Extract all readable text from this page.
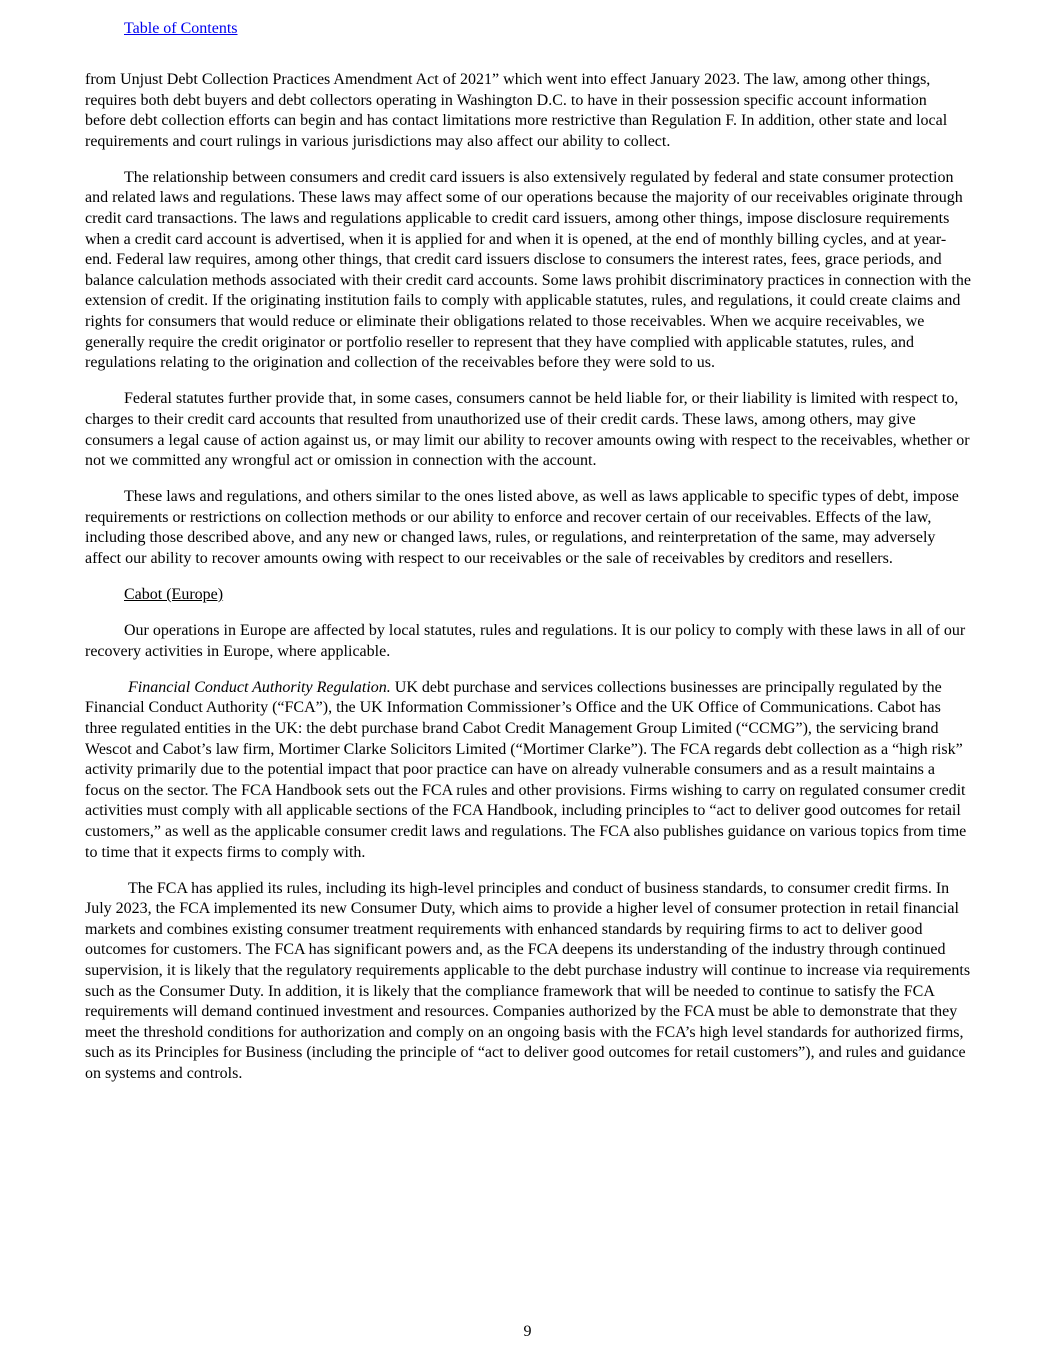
Table of Contents

from Unjust Debt Collection Practices Amendment Act of 2021” which went into effect January 2023. The law, among other things, requires both debt buyers and debt collectors operating in Washington D.C. to have in their possession specific account information before debt collection efforts can begin and has contact limitations more restrictive than Regulation F. In addition, other state and local requirements and court rulings in various jurisdictions may also affect our ability to collect.

The relationship between consumers and credit card issuers is also extensively regulated by federal and state consumer protection and related laws and regulations. These laws may affect some of our operations because the majority of our receivables originate through credit card transactions. The laws and regulations applicable to credit card issuers, among other things, impose disclosure requirements when a credit card account is advertised, when it is applied for and when it is opened, at the end of monthly billing cycles, and at year-end. Federal law requires, among other things, that credit card issuers disclose to consumers the interest rates, fees, grace periods, and balance calculation methods associated with their credit card accounts. Some laws prohibit discriminatory practices in connection with the extension of credit. If the originating institution fails to comply with applicable statutes, rules, and regulations, it could create claims and rights for consumers that would reduce or eliminate their obligations related to those receivables. When we acquire receivables, we generally require the credit originator or portfolio reseller to represent that they have complied with applicable statutes, rules, and regulations relating to the origination and collection of the receivables before they were sold to us.

Federal statutes further provide that, in some cases, consumers cannot be held liable for, or their liability is limited with respect to, charges to their credit card accounts that resulted from unauthorized use of their credit cards. These laws, among others, may give consumers a legal cause of action against us, or may limit our ability to recover amounts owing with respect to the receivables, whether or not we committed any wrongful act or omission in connection with the account.

These laws and regulations, and others similar to the ones listed above, as well as laws applicable to specific types of debt, impose requirements or restrictions on collection methods or our ability to enforce and recover certain of our receivables. Effects of the law, including those described above, and any new or changed laws, rules, or regulations, and reinterpretation of the same, may adversely affect our ability to recover amounts owing with respect to our receivables or the sale of receivables by creditors and resellers.

Cabot (Europe)

Our operations in Europe are affected by local statutes, rules and regulations. It is our policy to comply with these laws in all of our recovery activities in Europe, where applicable.

Financial Conduct Authority Regulation. UK debt purchase and services collections businesses are principally regulated by the Financial Conduct Authority (“FCA”), the UK Information Commissioner’s Office and the UK Office of Communications. Cabot has three regulated entities in the UK: the debt purchase brand Cabot Credit Management Group Limited (“CCMG”), the servicing brand Wescot and Cabot’s law firm, Mortimer Clarke Solicitors Limited (“Mortimer Clarke”). The FCA regards debt collection as a “high risk” activity primarily due to the potential impact that poor practice can have on already vulnerable consumers and as a result maintains a focus on the sector. The FCA Handbook sets out the FCA rules and other provisions. Firms wishing to carry on regulated consumer credit activities must comply with all applicable sections of the FCA Handbook, including principles to “act to deliver good outcomes for retail customers,” as well as the applicable consumer credit laws and regulations. The FCA also publishes guidance on various topics from time to time that it expects firms to comply with.

The FCA has applied its rules, including its high-level principles and conduct of business standards, to consumer credit firms. In July 2023, the FCA implemented its new Consumer Duty, which aims to provide a higher level of consumer protection in retail financial markets and combines existing consumer treatment requirements with enhanced standards by requiring firms to act to deliver good outcomes for customers. The FCA has significant powers and, as the FCA deepens its understanding of the industry through continued supervision, it is likely that the regulatory requirements applicable to the debt purchase industry will continue to increase via requirements such as the Consumer Duty. In addition, it is likely that the compliance framework that will be needed to continue to satisfy the FCA requirements will demand continued investment and resources. Companies authorized by the FCA must be able to demonstrate that they meet the threshold conditions for authorization and comply on an ongoing basis with the FCA’s high level standards for authorized firms, such as its Principles for Business (including the principle of “act to deliver good outcomes for retail customers”), and rules and guidance on systems and controls.

9
